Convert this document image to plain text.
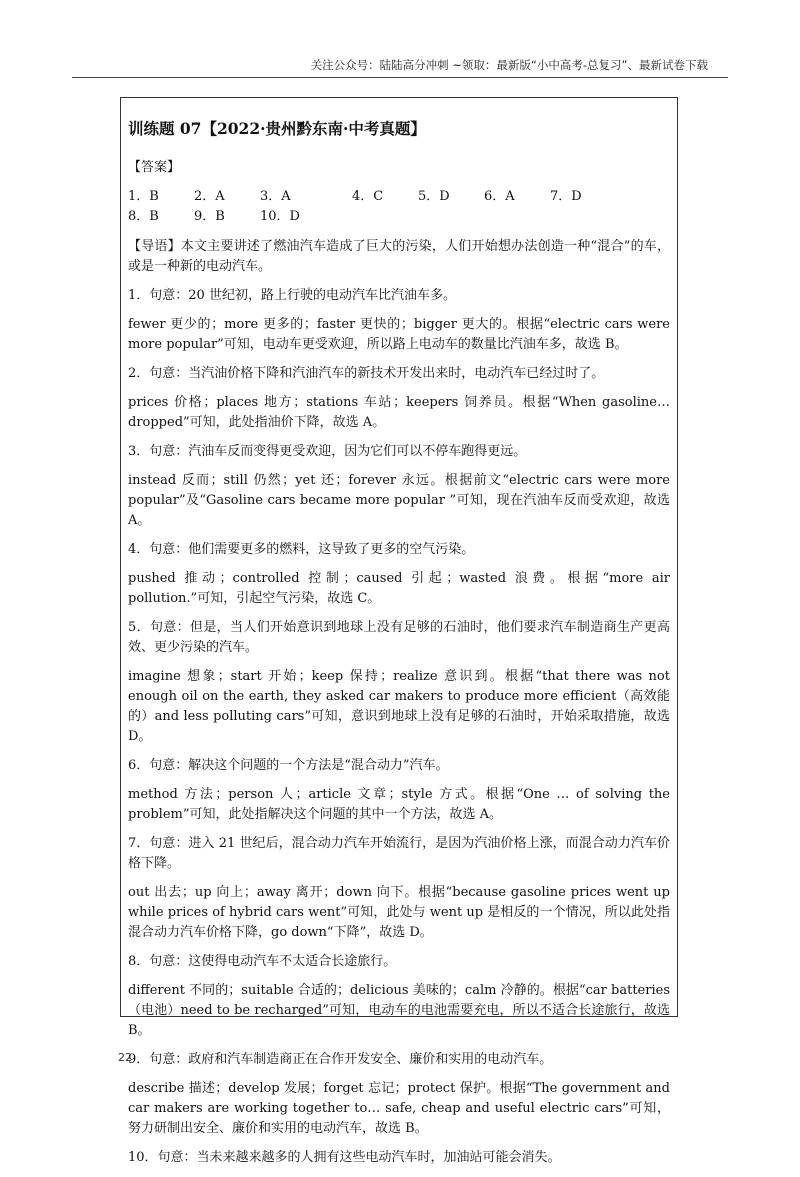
关注公众号：陆陆高分冲刺 ~领取：最新版“小中高考-总复习”、最新试卷下载
训练题 07【2022·贵州黔东南·中考真题】
【答案】
1．B	2．A	3．A	4．C	5．D	6．A	7．D
8．B	9．B	10．D
【导语】本文主要讲述了燃油汽车造成了巨大的污染，人们开始想办法创造一种“混合”的车，或是一种新的电动汽车。
1．句意：20 世纪初，路上行驶的电动汽车比汽油车多。
fewer 更少的；more 更多的；faster 更快的；bigger 更大的。根据“electric cars were more popular”可知，电动车更受欢迎，所以路上电动车的数量比汽油车多，故选 B。
2．句意：当汽油价格下降和汽油汽车的新技术开发出来时，电动汽车已经过时了。
prices 价格；places 地方；stations 车站；keepers 饲养员。根据“When gasoline… dropped”可知，此处指油价下降，故选 A。
3．句意：汽油车反而变得更受欢迎，因为它们可以不停车跑得更远。
instead 反而；still 仍然；yet 还；forever 永远。根据前文“electric cars were more popular”及“Gasoline cars became more popular ”可知，现在汽油车反而受欢迎，故选 A。
4．句意：他们需要更多的燃料，这导致了更多的空气污染。
pushed 推动；controlled 控制；caused 引起；wasted 浪费。根据“more air pollution.”可知，引起空气污染，故选 C。
5．句意：但是，当人们开始意识到地球上没有足够的石油时，他们要求汽车制造商生产更高效、更少污染的汽车。
imagine 想象；start 开始；keep 保持；realize 意识到。根据“that there was not enough oil on the earth, they asked car makers to produce more efficient（高效能的）and less polluting cars”可知，意识到地球上没有足够的石油时，开始采取措施，故选 D。
6．句意：解决这个问题的一个方法是“混合动力”汽车。
method 方法；person 人；article 文章；style 方式。根据“One … of solving the problem”可知，此处指解决这个问题的其中一个方法，故选 A。
7．句意：进入 21 世纪后，混合动力汽车开始流行，是因为汽油价格上涨，而混合动力汽车价格下降。
out 出去；up 向上；away 离开；down 向下。根据“because gasoline prices went up while prices of hybrid cars went”可知，此处与 went up 是相反的一个情况，所以此处指混合动力汽车价格下降，go down“下降”，故选 D。
8．句意：这使得电动汽车不太适合长途旅行。
different 不同的；suitable 合适的；delicious 美味的；calm 冷静的。根据“car batteries（电池）need to be recharged”可知，电动车的电池需要充电，所以不适合长途旅行，故选 B。
9．句意：政府和汽车制造商正在合作开发安全、廉价和实用的电动汽车。
describe 描述；develop 发展；forget 忘记；protect 保护。根据“The government and car makers are working together to… safe, cheap and useful electric cars”可知，努力研制出安全、廉价和实用的电动汽车，故选 B。
10．句意：当未来越来越多的人拥有这些电动汽车时，加油站可能会消失。
22
